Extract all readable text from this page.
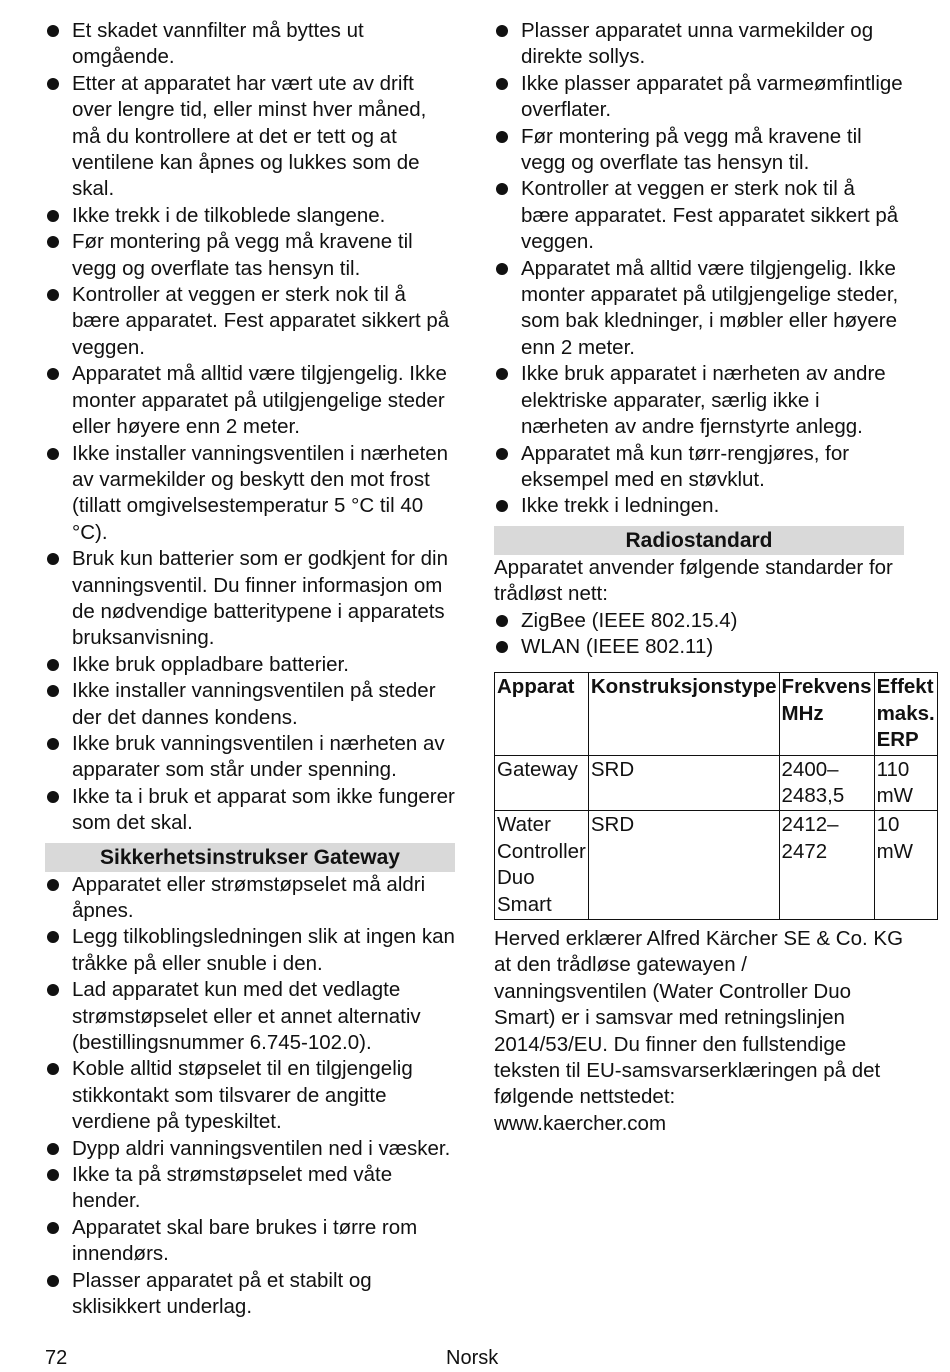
Et skadet vannfilter må byttes ut omgående.
Etter at apparatet har vært ute av drift over lengre tid, eller minst hver måned, må du kontrollere at det er tett og at ventilene kan åpnes og lukkes som de skal.
Ikke trekk i de tilkoblede slangene.
Før montering på vegg må kravene til vegg og overflate tas hensyn til.
Kontroller at veggen er sterk nok til å bære apparatet. Fest apparatet sikkert på veggen.
Apparatet må alltid være tilgjengelig. Ikke monter apparatet på utilgjengelige steder eller høyere enn 2 meter.
Ikke installer vanningsventilen i nærheten av varmekilder og beskytt den mot frost (tillatt omgivelsestemperatur 5 °C til 40 °C).
Bruk kun batterier som er godkjent for din vanningsventil. Du finner informasjon om de nødvendige batteritypene i apparatets bruksanvisning.
Ikke bruk oppladbare batterier.
Ikke installer vanningsventilen på steder der det dannes kondens.
Ikke bruk vanningsventilen i nærheten av apparater som står under spenning.
Ikke ta i bruk et apparat som ikke fungerer som det skal.
Sikkerhetsinstrukser Gateway
Apparatet eller strømstøpselet må aldri åpnes.
Legg tilkoblingsledningen slik at ingen kan tråkke på eller snuble i den.
Lad apparatet kun med det vedlagte strømstøpselet eller et annet alternativ (bestillingsnummer 6.745-102.0).
Koble alltid støpselet til en tilgjengelig stikkontakt som tilsvarer de angitte verdiene på typeskiltet.
Dypp aldri vanningsventilen ned i væsker.
Ikke ta på strømstøpselet med våte hender.
Apparatet skal bare brukes i tørre rom innendørs.
Plasser apparatet på et stabilt og sklisikkert underlag.
Plasser apparatet unna varmekilder og direkte sollys.
Ikke plasser apparatet på varmeømfintlige overflater.
Før montering på vegg må kravene til vegg og overflate tas hensyn til.
Kontroller at veggen er sterk nok til å bære apparatet. Fest apparatet sikkert på veggen.
Apparatet må alltid være tilgjengelig. Ikke monter apparatet på utilgjengelige steder, som bak kledninger, i møbler eller høyere enn 2 meter.
Ikke bruk apparatet i nærheten av andre elektriske apparater, særlig ikke i nærheten av andre fjernstyrte anlegg.
Apparatet må kun tørr-rengjøres, for eksempel med en støvklut.
Ikke trekk i ledningen.
Radiostandard

Apparatet anvender følgende standarder for trådløst nett:

ZigBee (IEEE 802.15.4)
WLAN (IEEE 802.11)
Apparat	Konstruksjonstype	Frekvens MHz	Effekt maks. ERP
Gateway	SRD	2400–2483,5	110 mW
Water Controller Duo Smart	SRD	2412–2472	10 mW

Herved erklærer Alfred Kärcher SE & Co. KG at den trådløse gatewayen / vanningsventilen (Water Controller Duo Smart) er i samsvar med retningslinjen 2014/53/EU. Du finner den fullstendige teksten til EU-samsvarserklæringen på det følgende nettstedet:

www.kaercher.com

72	Norsk
